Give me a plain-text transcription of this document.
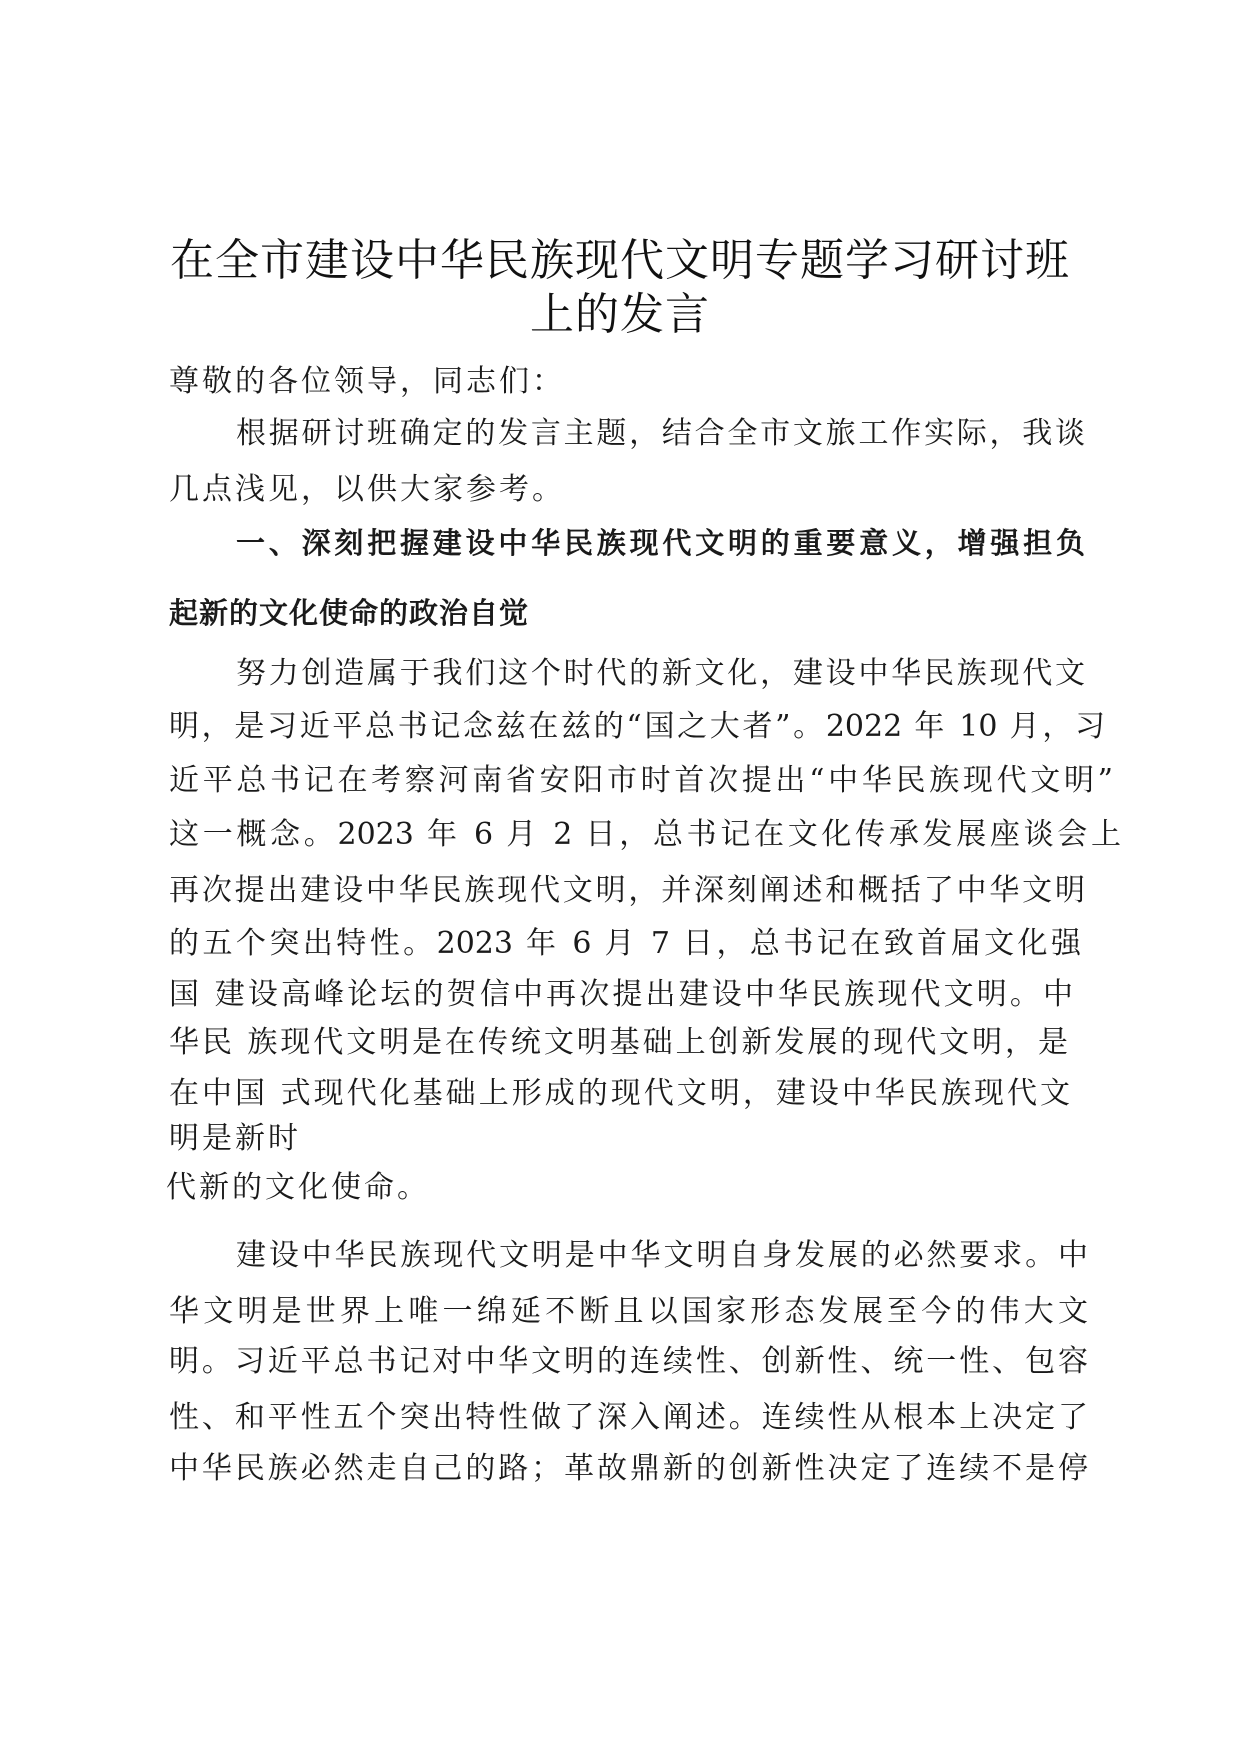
在全市建设中华民族现代文明专题学习研讨班
上的发言
尊敬的各位领导，同志们：
根据研讨班确定的发言主题，结合全市文旅工作实际，我谈
几点浅见，以供大家参考。
一、深刻把握建设中华民族现代文明的重要意义，增强担负
起新的文化使命的政治自觉
努力创造属于我们这个时代的新文化，建设中华民族现代文
明，是习近平总书记念兹在兹的“国之大者”。2022 年 10 月，习
近平总书记在考察河南省安阳市时首次提出“中华民族现代文明”
这一概念。2023 年 6 月 2 日，总书记在文化传承发展座谈会上
再次提出建设中华民族现代文明，并深刻阐述和概括了中华文明
的五个突出特性。2023 年 6 月 7 日，总书记在致首届文化强
国 建设高峰论坛的贺信中再次提出建设中华民族现代文明。中
华民 族现代文明是在传统文明基础上创新发展的现代文明，是
在中国 式现代化基础上形成的现代文明，建设中华民族现代文
明是新时
代新的文化使命。
建设中华民族现代文明是中华文明自身发展的必然要求。中
华文明是世界上唯一绵延不断且以国家形态发展至今的伟大文
明。习近平总书记对中华文明的连续性、创新性、统一性、包容
性、和平性五个突出特性做了深入阐述。连续性从根本上决定了
中华民族必然走自己的路；革故鼎新的创新性决定了连续不是停
